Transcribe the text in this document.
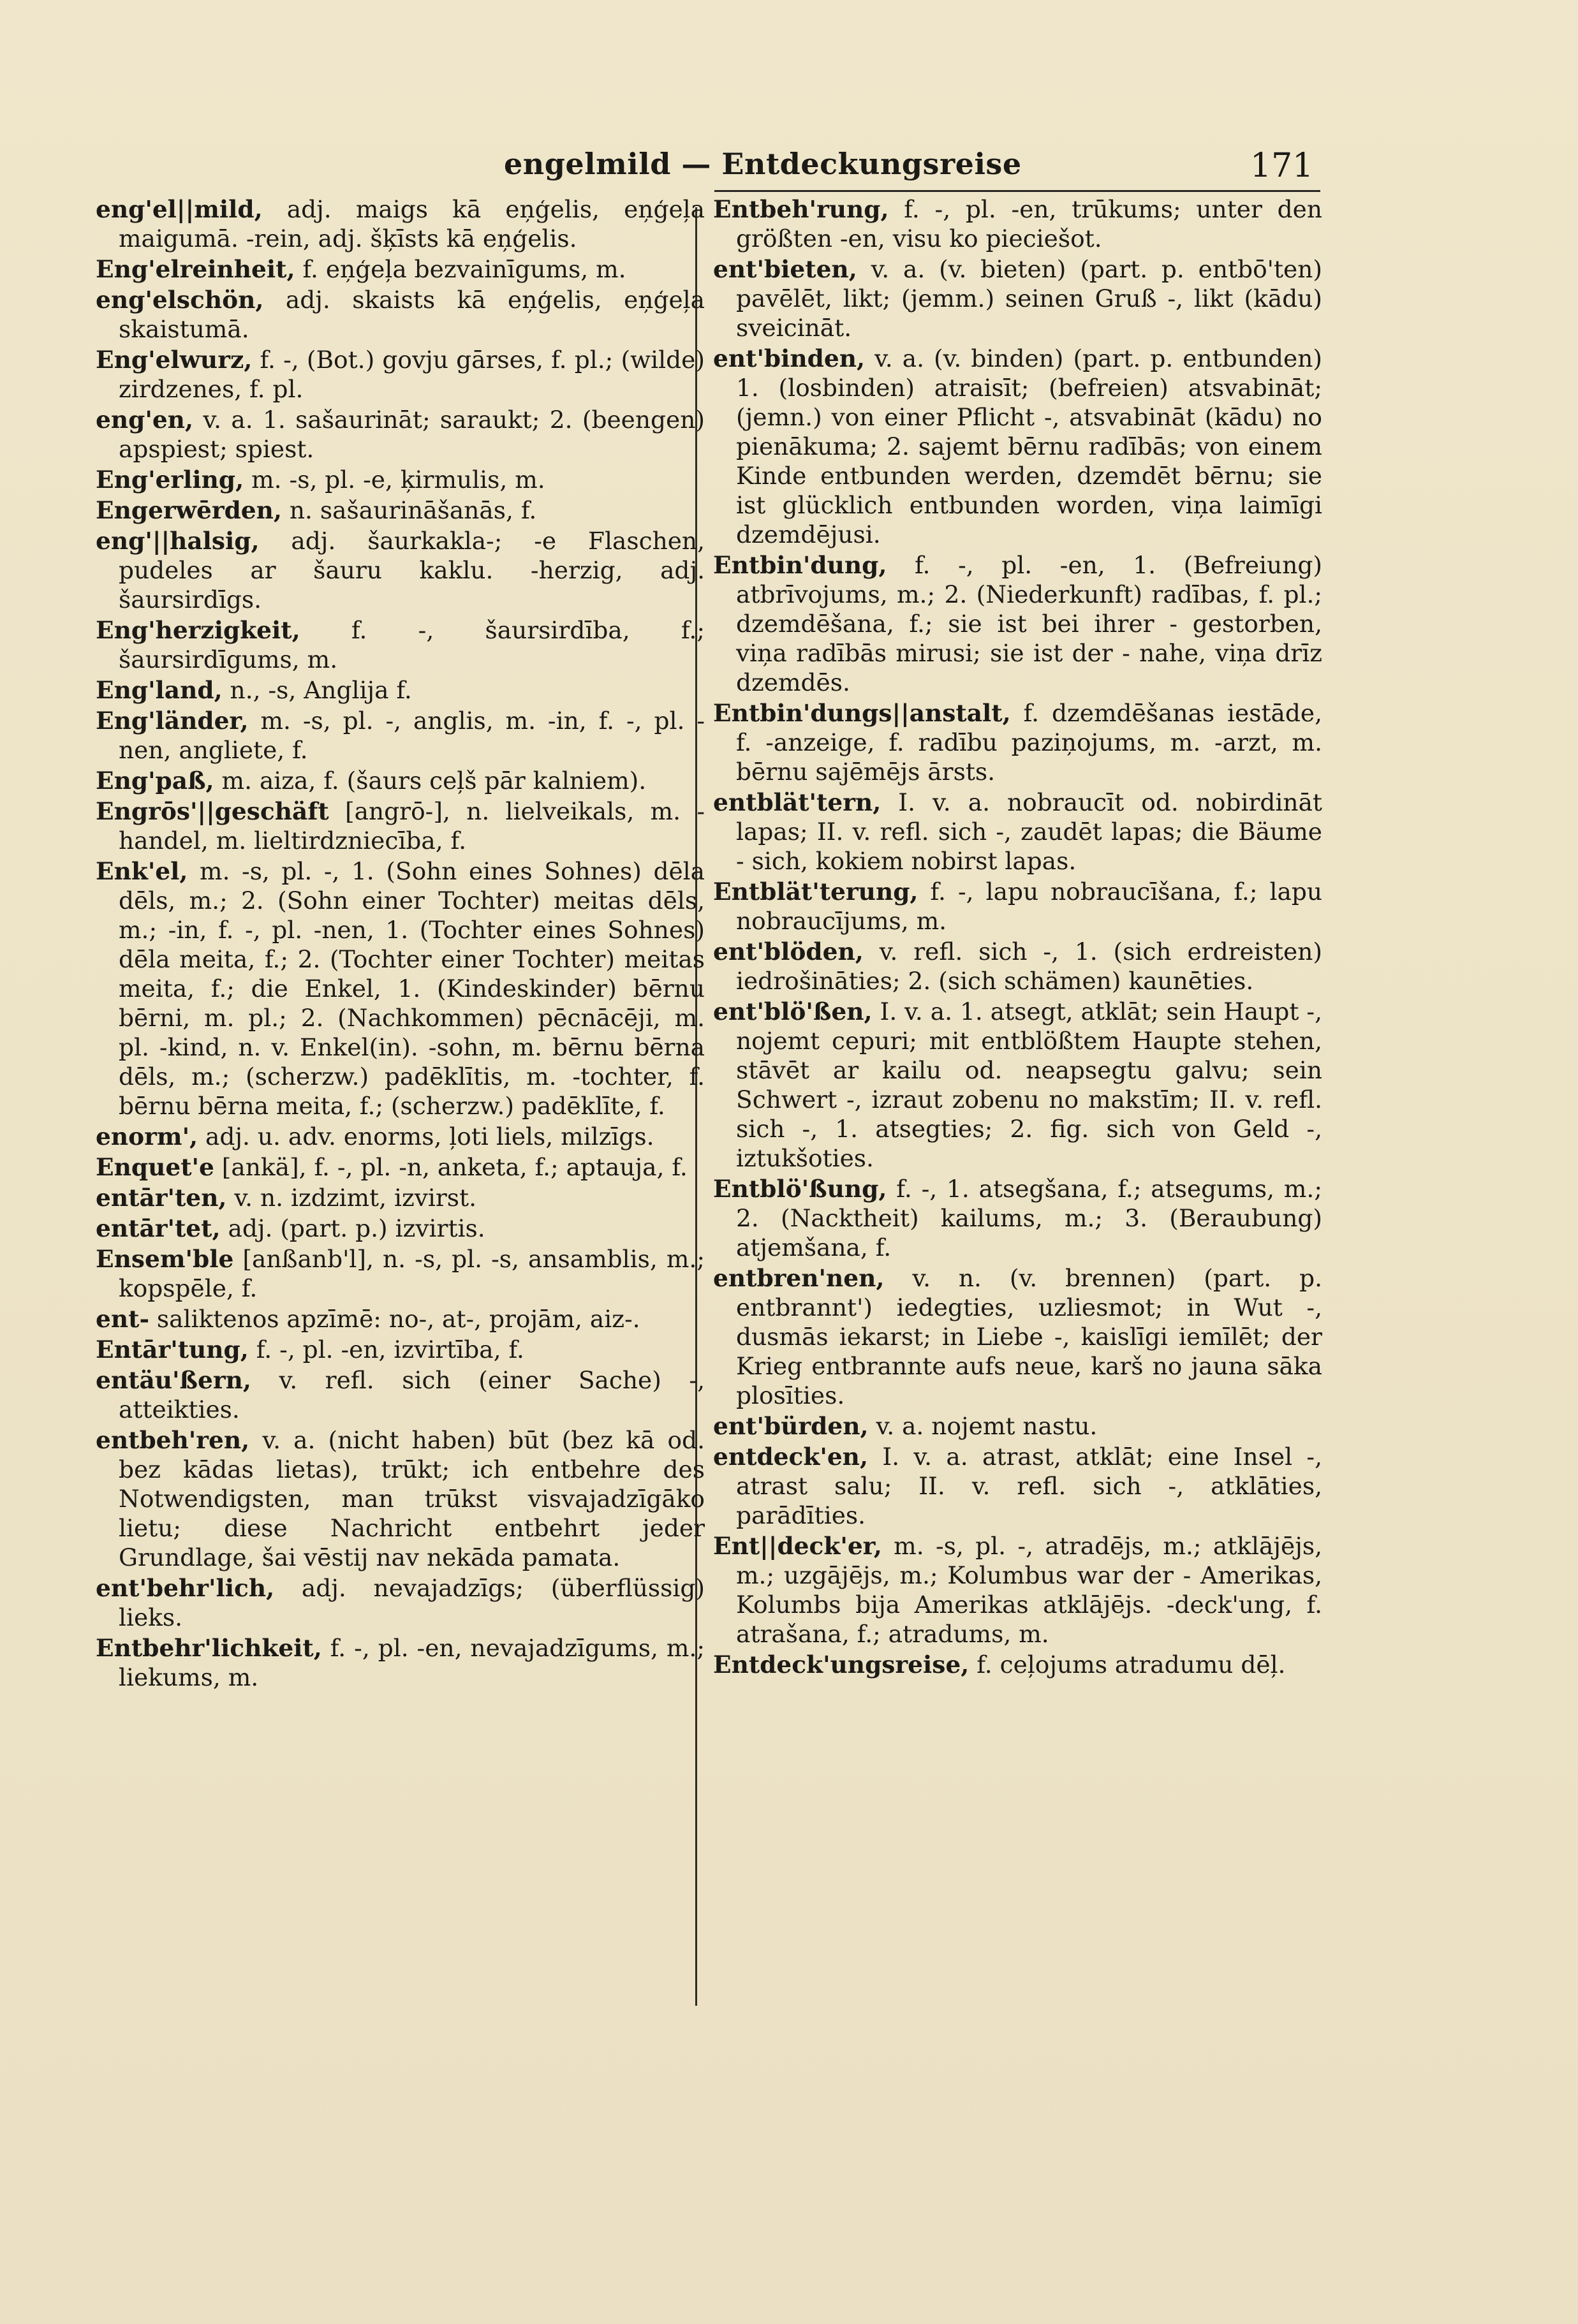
engelmild — Entdeckungsreise	171

eng'el||mild, adj. maigs kā eņģelis, eņģeļa maigumā. -rein, adj. šķīsts kā eņģelis.

Eng'elreinheit, f. eņģeļa bezvainīgums, m.

eng'elschön, adj. skaists kā eņģelis, eņģeļa skaistumā.

Eng'elwurz, f. -, (Bot.) govju gārses, f. pl.; (wilde) zirdzenes, f. pl.

eng'en, v. a. 1. sašaurināt; saraukt; 2. (beengen) apspiest; spiest.

Eng'erling, m. -s, pl. -e, ķirmulis, m.

Engerwērden, n. sašaurināšanās, f.

eng'||halsig, adj. šaurkakla-; -e Flaschen, pudeles ar šauru kaklu. -herzig, adj. šaursirdīgs.

Eng'herzigkeit, f. -, šaursirdība, f.; šaursirdīgums, m.

Eng'land, n., -s, Anglija f.

Eng'länder, m. -s, pl. -, anglis, m. -in, f. -, pl. -nen, angliete, f.

Eng'paß, m. aiza, f. (šaurs ceļš pār kalniem).

Engrōs'||geschäft [angrō-], n. lielveikals, m. -handel, m. lieltirdzniecība, f.

Enk'el, m. -s, pl. -, 1. (Sohn eines Sohnes) dēla dēls, m.; 2. (Sohn einer Tochter) meitas dēls, m.; -in, f. -, pl. -nen, 1. (Tochter eines Sohnes) dēla meita, f.; 2. (Tochter einer Tochter) meitas meita, f.; die Enkel, 1. (Kindeskinder) bērnu bērni, m. pl.; 2. (Nachkommen) pēcnācēji, m. pl. -kind, n. v. Enkel(in). -sohn, m. bērnu bērna dēls, m.; (scherzw.) padēklītis, m. -tochter, f. bērnu bērna meita, f.; (scherzw.) padēklīte, f.

enorm', adj. u. adv. enorms, ļoti liels, milzīgs.

Enquet'e [ankä], f. -, pl. -n, anketa, f.; aptauja, f.

entār'ten, v. n. izdzimt, izvirst.

entār'tet, adj. (part. p.) izvirtis.

Ensem'ble [anßanb'l], n. -s, pl. -s, ansamblis, m.; kopspēle, f.

ent- saliktenos apzīmē: no-, at-, projām, aiz-.

Entār'tung, f. -, pl. -en, izvirtība, f.

entäu'ßern, v. refl. sich (einer Sache) -, atteikties.

entbeh'ren, v. a. (nicht haben) būt (bez kā od. bez kādas lietas), trūkt; ich entbehre des Notwendigsten, man trūkst visvajadzīgāko lietu; diese Nachricht entbehrt jeder Grundlage, šai vēstij nav nekāda pamata.

ent'behr'lich, adj. nevajadzīgs; (überflüssig) lieks.

Entbehr'lichkeit, f. -, pl. -en, nevajadzīgums, m.; liekums, m.

Entbeh'rung, f. -, pl. -en, trūkums; unter den größten -en, visu ko pieciešot.

ent'bieten, v. a. (v. bieten) (part. p. entbō'ten) pavēlēt, likt; (jemm.) seinen Gruß -, likt (kādu) sveicināt.

ent'binden, v. a. (v. binden) (part. p. entbunden) 1. (losbinden) atraisīt; (befreien) atsvabināt; (jemn.) von einer Pflicht -, atsvabināt (kādu) no pienākuma; 2. sajemt bērnu radībās; von einem Kinde entbunden werden, dzemdēt bērnu; sie ist glücklich entbunden worden, viņa laimīgi dzemdējusi.

Entbin'dung, f. -, pl. -en, 1. (Befreiung) atbrīvojums, m.; 2. (Niederkunft) radības, f. pl.; dzemdēšana, f.; sie ist bei ihrer - gestorben, viņa radībās mirusi; sie ist der - nahe, viņa drīz dzemdēs.

Entbin'dungs||anstalt, f. dzemdēšanas iestāde, f. -anzeige, f. radību paziņojums, m. -arzt, m. bērnu sajēmējs ārsts.

entblät'tern, I. v. a. nobraucīt od. nobirdināt lapas; II. v. refl. sich -, zaudēt lapas; die Bäume - sich, kokiem nobirst lapas.

Entblät'terung, f. -, lapu nobraucīšana, f.; lapu nobraucījums, m.

ent'blöden, v. refl. sich -, 1. (sich erdreisten) iedrošināties; 2. (sich schämen) kaunēties.

ent'blö'ßen, I. v. a. 1. atsegt, atklāt; sein Haupt -, nojemt cepuri; mit entblößtem Haupte stehen, stāvēt ar kailu od. neapsegtu galvu; sein Schwert -, izraut zobenu no makstīm; II. v. refl. sich -, 1. atsegties; 2. fig. sich von Geld -, iztukšoties.

Entblö'ßung, f. -, 1. atsegšana, f.; atsegums, m.; 2. (Nacktheit) kailums, m.; 3. (Beraubung) atjemšana, f.

entbren'nen, v. n. (v. brennen) (part. p. entbrannt') iedegties, uzliesmot; in Wut -, dusmās iekarst; in Liebe -, kaislīgi iemīlēt; der Krieg entbrannte aufs neue, karš no jauna sāka plosīties.

ent'bürden, v. a. nojemt nastu.

entdeck'en, I. v. a. atrast, atklāt; eine Insel -, atrast salu; II. v. refl. sich -, atklāties, parādīties.

Ent||deck'er, m. -s, pl. -, atradējs, m.; atklājējs, m.; uzgājējs, m.; Kolumbus war der - Amerikas, Kolumbs bija Amerikas atklājējs. -deck'ung, f. atrašana, f.; atradums, m.

Entdeck'ungsreise, f. ceļojums atradumu dēļ.
